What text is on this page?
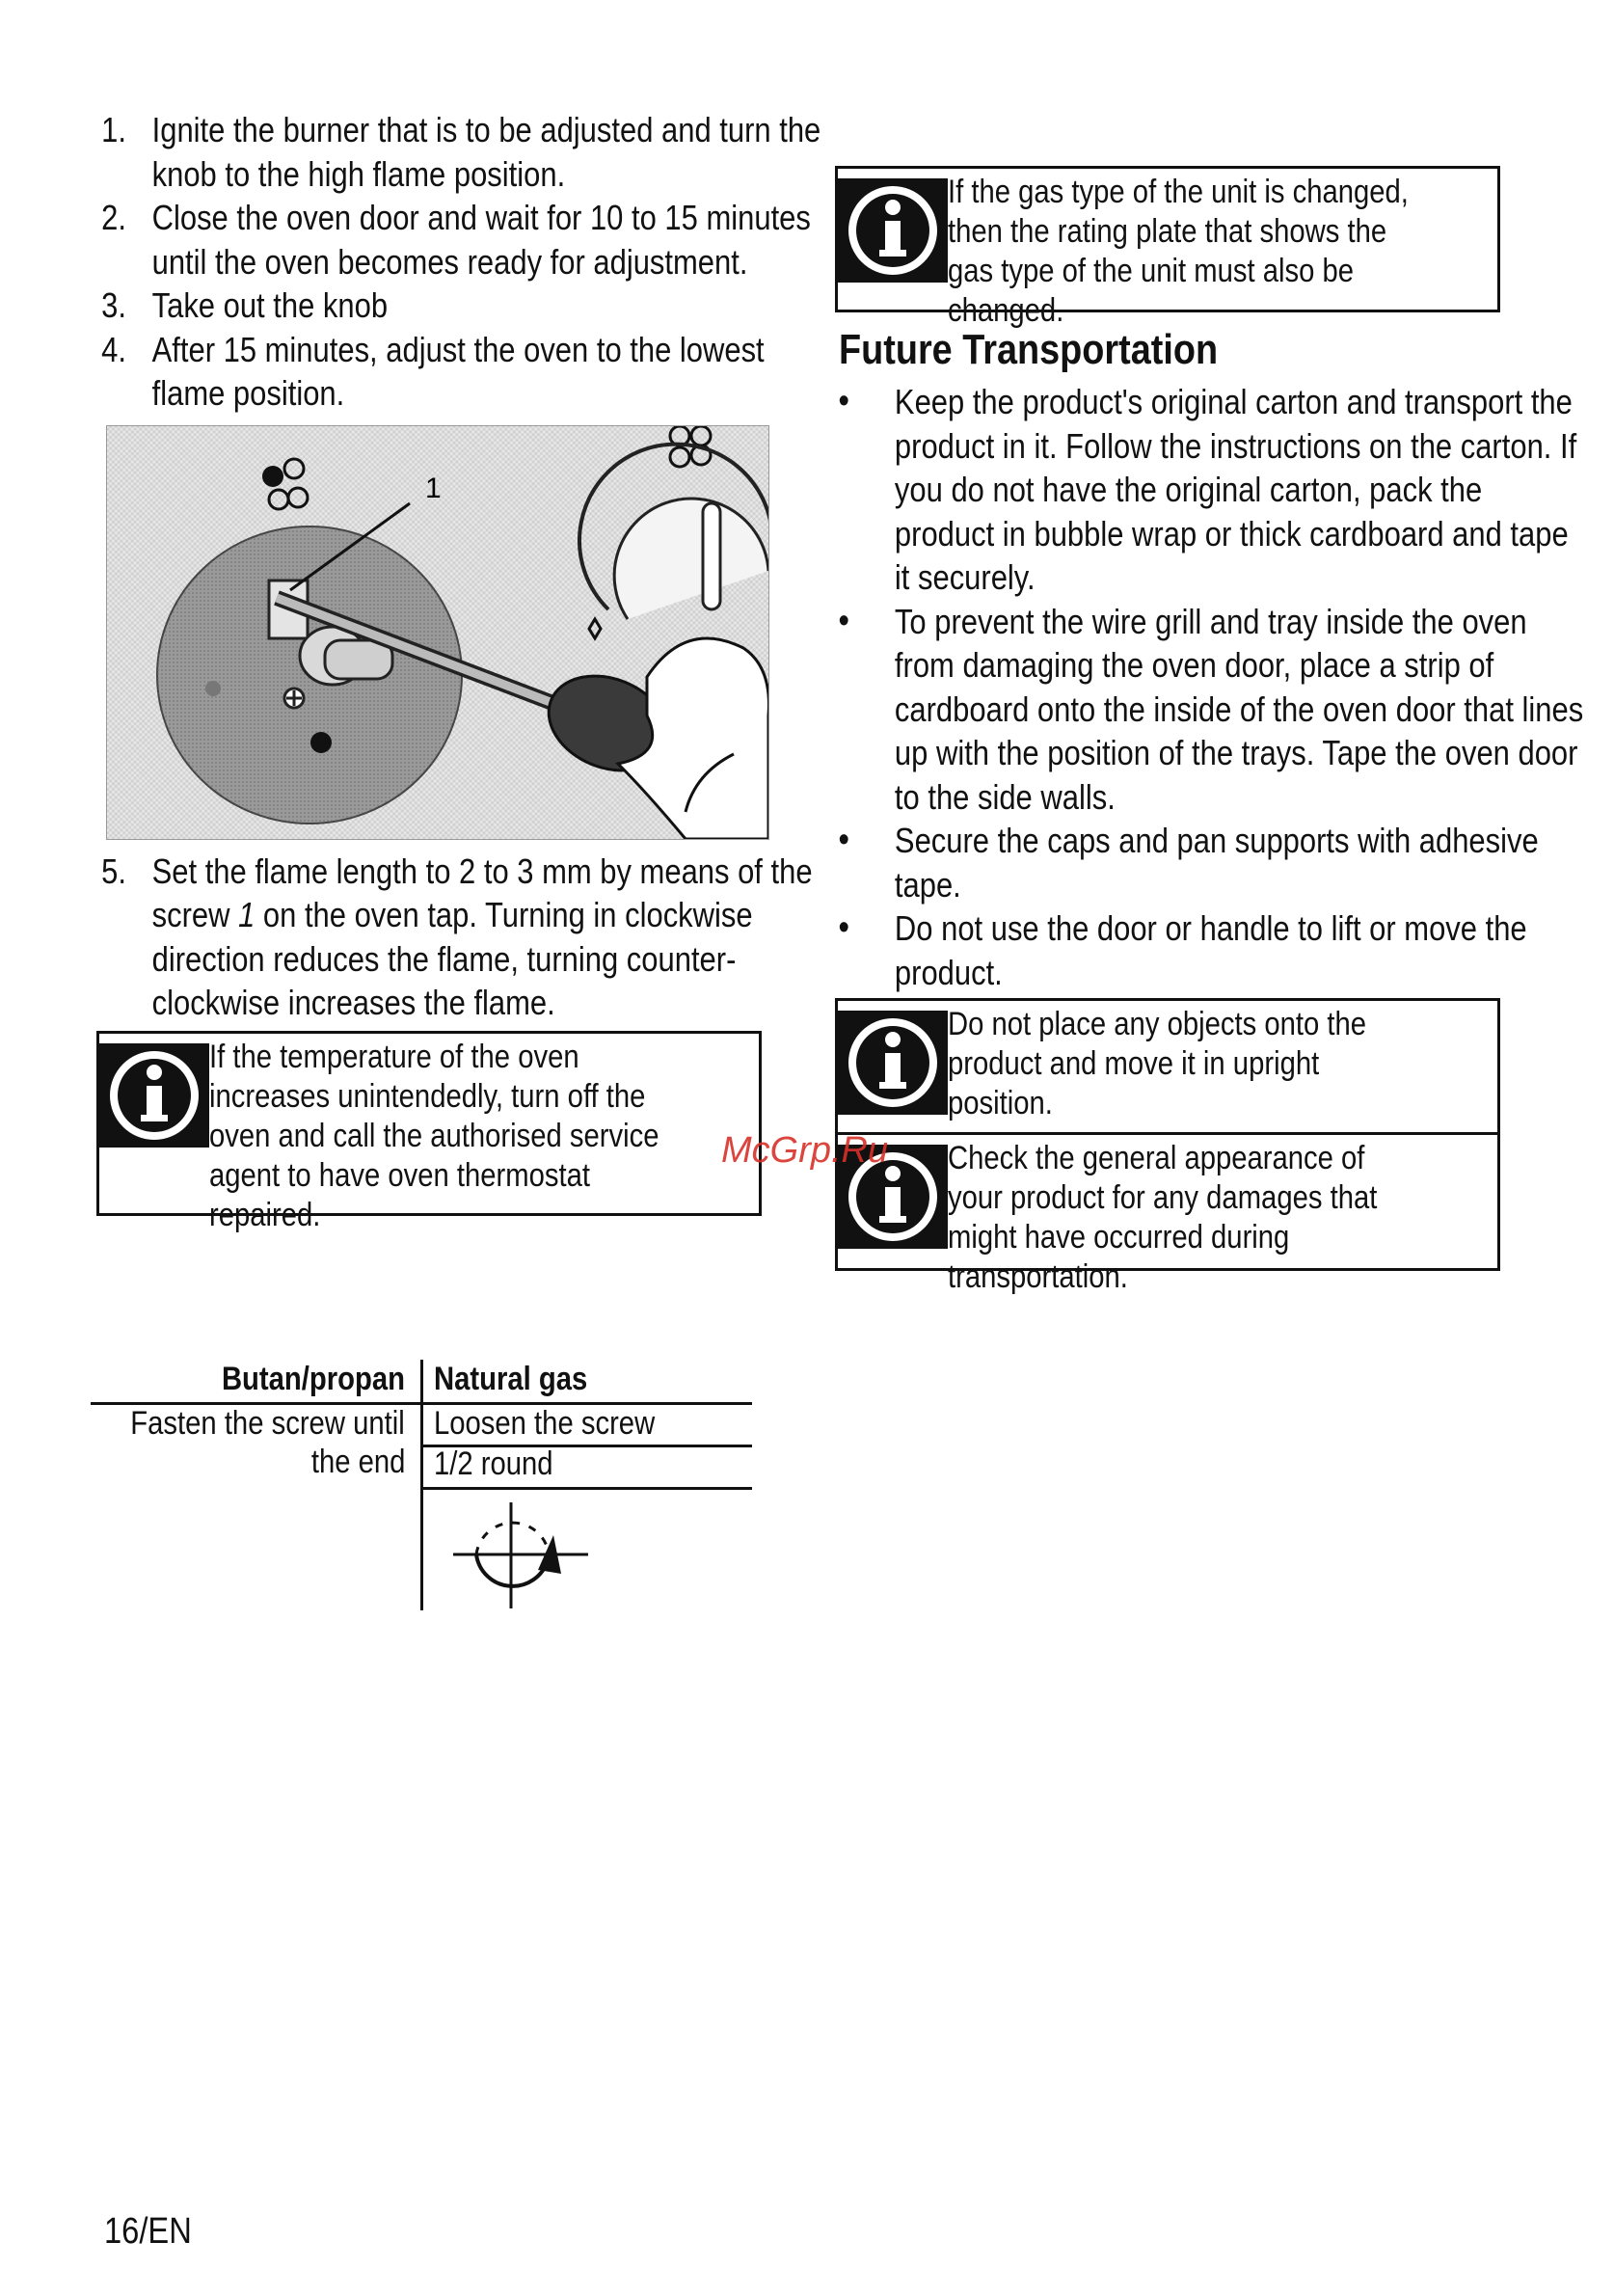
1. Ignite the burner that is to be adjusted and turn the knob to the high flame position.
2. Close the oven door and wait for 10 to 15 minutes until the oven becomes ready for adjustment.
3. Take out the knob
4. After 15 minutes, adjust the oven to the lowest flame position.
1
5. Set the flame length to 2 to 3 mm by means of the screw 1 on the oven tap. Turning in clockwise direction reduces the flame, turning counter-clockwise increases the flame.
If the temperature of the oven increases unintendedly, turn off the oven and call the authorised service agent to have oven thermostat repaired.
Butan/propan Natural gas
Fasten the screw until
the end
Loosen the screw
1/2 round
If the gas type of the unit is changed, then the rating plate that shows the gas type of the unit must also be changed.
Future Transportation
• Keep the product's original carton and transport the product in it. Follow the instructions on the carton. If you do not have the original carton, pack the product in bubble wrap or thick cardboard and tape it securely.
• To prevent the wire grill and tray inside the oven from damaging the oven door, place a strip of cardboard onto the inside of the oven door that lines up with the position of the trays. Tape the oven door to the side walls.
• Secure the caps and pan supports with adhesive tape.
• Do not use the door or handle to lift or move the product.
Do not place any objects onto the product and move it in upright position.
Check the general appearance of your product for any damages that might have occurred during transportation.
McGrp.Ru
16/EN
